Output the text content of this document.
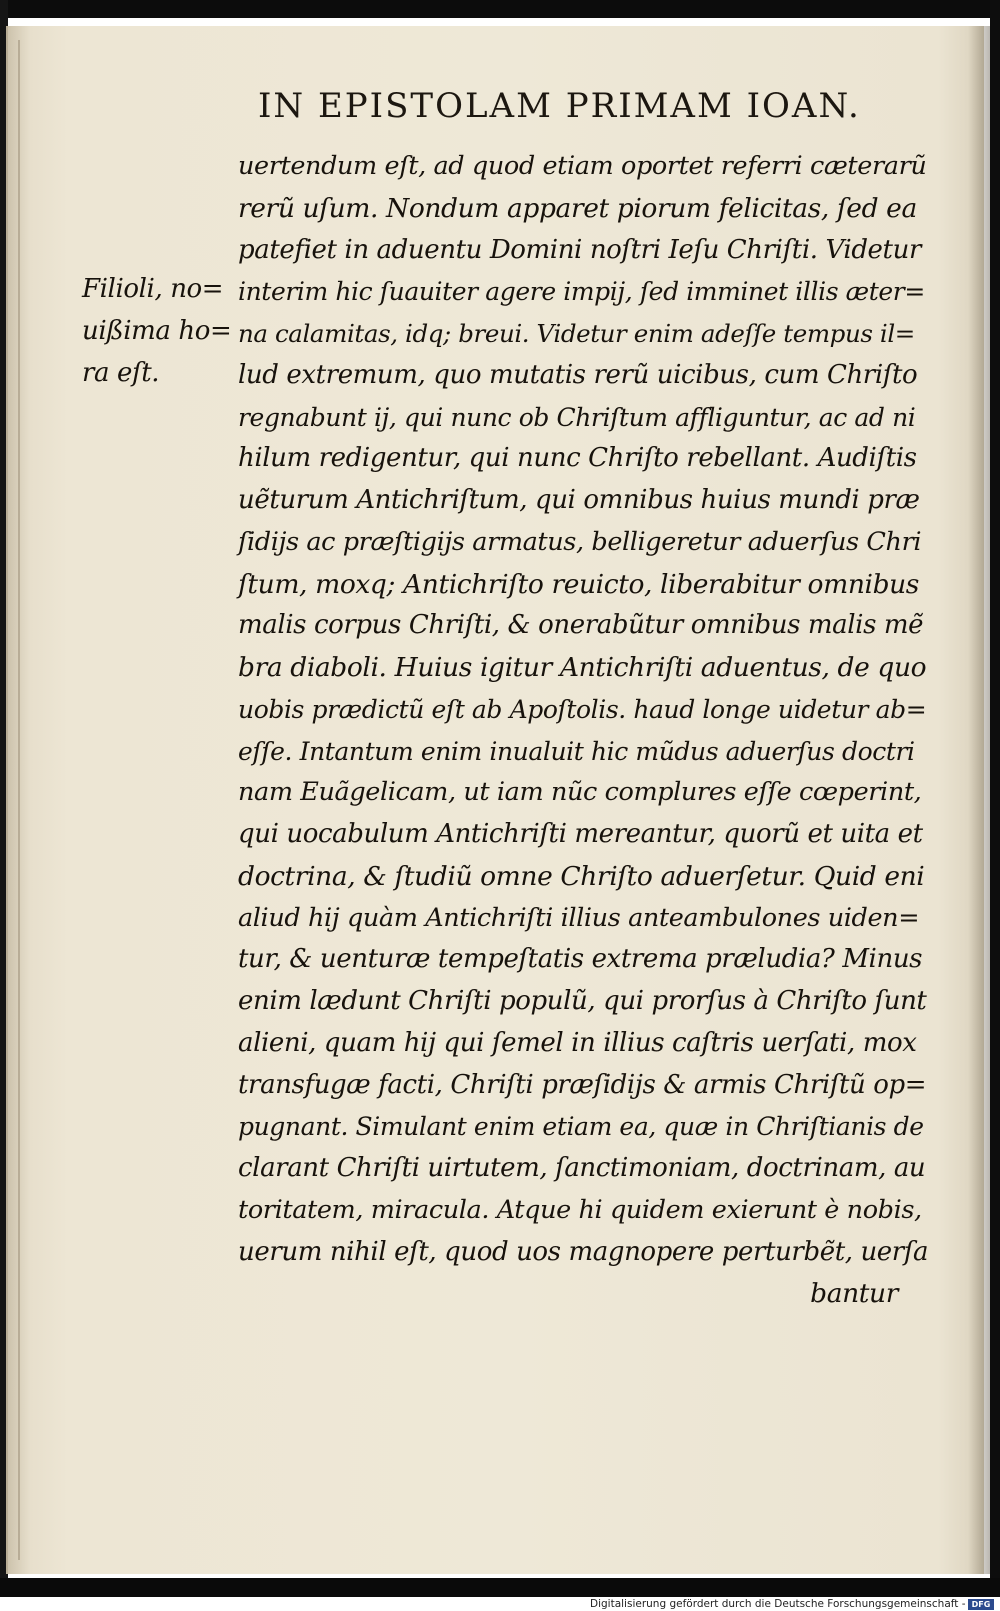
IN EPISTOLAM PRIMAM IOAN.
Filioli, no=
uißima ho=
ra eſt.
uertendum eſt, ad quod etiam oportet referri cæterarũ
rerũ uſum. Nondum apparet piorum felicitas, ſed ea
patefiet in aduentu Domini noſtri Ieſu Chriſti. Videtur
interim hic ſuauiter agere impij, ſed imminet illis æter=
na calamitas, idq; breui. Videtur enim adeſſe tempus il=
lud extremum, quo mutatis rerũ uicibus, cum Chriſto
regnabunt ij, qui nunc ob Chriſtum affliguntur, ac ad ni
hilum redigentur, qui nunc Chriſto rebellant. Audiſtis
uẽturum Antichriſtum, qui omnibus huius mundi præ
ſidijs ac præſtigijs armatus, belligeretur aduerſus Chri
ſtum, moxq; Antichriſto reuicto, liberabitur omnibus
malis corpus Chriſti, & onerabũtur omnibus malis mẽ
bra diaboli. Huius igitur Antichriſti aduentus, de quo
uobis prædictũ eſt ab Apoſtolis. haud longe uidetur ab=
eſſe. Intantum enim inualuit hic mũdus aduerſus doctri
nam Euãgelicam, ut iam nũc complures eſſe cœperint,
qui uocabulum Antichriſti mereantur, quorũ et uita et
doctrina, & ſtudiũ omne Chriſto aduerſetur. Quid eni
aliud hij quàm Antichriſti illius anteambulones uiden=
tur, & uenturæ tempeſtatis extrema præludia? Minus
enim lædunt Chriſti populũ, qui prorſus à Chriſto ſunt
alieni, quam hij qui ſemel in illius caſtris uerſati, mox
transfugæ facti, Chriſti præſidijs & armis Chriſtũ op=
pugnant. Simulant enim etiam ea, quæ in Chriſtianis de
clarant Chriſti uirtutem, ſanctimoniam, doctrinam, au
toritatem, miracula. Atque hi quidem exierunt è nobis,
uerum nihil eſt, quod uos magnopere perturbẽt, uerſa
bantur
Digitalisierung gefördert durch die Deutsche Forschungsgemeinschaft - DFG
